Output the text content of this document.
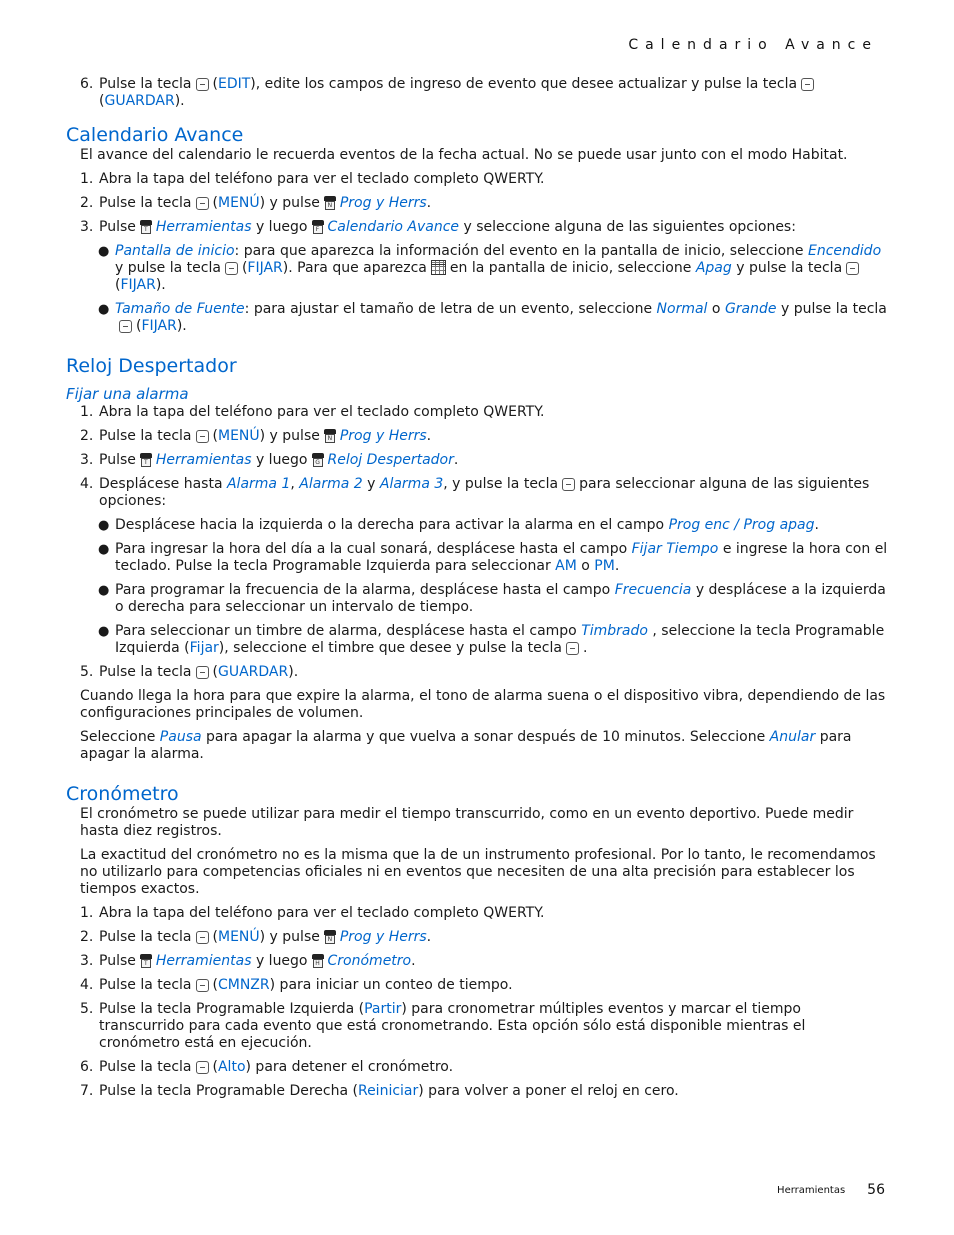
Calendario Avance
6. Pulse la tecla (EDIT), edite los campos de ingreso de evento que desee actualizar y pulse la tecla(GUARDAR).
Calendario Avance

El avance del calendario le recuerda eventos de la fecha actual. No se puede usar junto con el modo Habitat.

1. Abra la tapa del teléfono para ver el teclado completo QWERTY.
2. Pulse la tecla (MENÚ) y pulse	N Prog y Herrs.
3. Pulse	T Herramientas y luego	F Calendario Avance y seleccione alguna de las siguientes opciones:
● Pantalla de inicio: para que aparezca la información del evento en la pantalla de inicio, seleccione Encendido y pulse la tecla (FIJAR). Para que aparezca en la pantalla de inicio, seleccione Apag y pulse la tecla(FIJAR).
● Tamaño de Fuente: para ajustar el tamaño de letra de un evento, seleccione Normal o Grande y pulse la tecla(FIJAR).
Reloj Despertador
Fijar una alarma
1. Abra la tapa del teléfono para ver el teclado completo QWERTY.
2. Pulse la tecla (MENÚ) y pulse	N Prog y Herrs.
3. Pulse	T Herramientas y luego	G Reloj Despertador.
4. Desplácese hasta Alarma 1, Alarma 2 y Alarma 3, y pulse la tecla para seleccionar alguna de las siguientes opciones:
● Desplácese hacia la izquierda o la derecha para activar la alarma en el campo Prog enc / Prog apag.
● Para ingresar la hora del día a la cual sonará, desplácese hasta el campo Fijar Tiempo e ingrese la hora con el teclado. Pulse la tecla Programable Izquierda para seleccionar AM o PM.
● Para programar la frecuencia de la alarma, desplácese hasta el campo Frecuencia y desplácese a la izquierda o derecha para seleccionar un intervalo de tiempo.
● Para seleccionar un timbre de alarma, desplácese hasta el campo Timbrado , seleccione la tecla Programable Izquierda (Fijar), seleccione el timbre que desee y pulse la tecla .
5. Pulse la tecla (GUARDAR).

Cuando llega la hora para que expire la alarma, el tono de alarma suena o el dispositivo vibra, dependiendo de las configuraciones principales de volumen.

Seleccione Pausa para apagar la alarma y que vuelva a sonar después de 10 minutos. Seleccione Anular para apagar la alarma.

Cronómetro

El cronómetro se puede utilizar para medir el tiempo transcurrido, como en un evento deportivo. Puede medir hasta diez registros.

La exactitud del cronómetro no es la misma que la de un instrumento profesional. Por lo tanto, le recomendamos no utilizarlo para competencias oficiales ni en eventos que necesiten de una alta precisión para establecer los tiempos exactos.

1. Abra la tapa del teléfono para ver el teclado completo QWERTY.
2. Pulse la tecla (MENÚ) y pulse	N Prog y Herrs.
3. Pulse	T Herramientas y luego	H Cronómetro.
4. Pulse la tecla (CMNZR) para iniciar un conteo de tiempo.
5. Pulse la tecla Programable Izquierda (Partir) para cronometrar múltiples eventos y marcar el tiempo transcurrido para cada evento que está cronometrando. Esta opción sólo está disponible mientras el cronómetro está en ejecución.
6. Pulse la tecla (Alto) para detener el cronómetro.
7. Pulse la tecla Programable Derecha (Reiniciar) para volver a poner el reloj en cero.
Herramientas 56
